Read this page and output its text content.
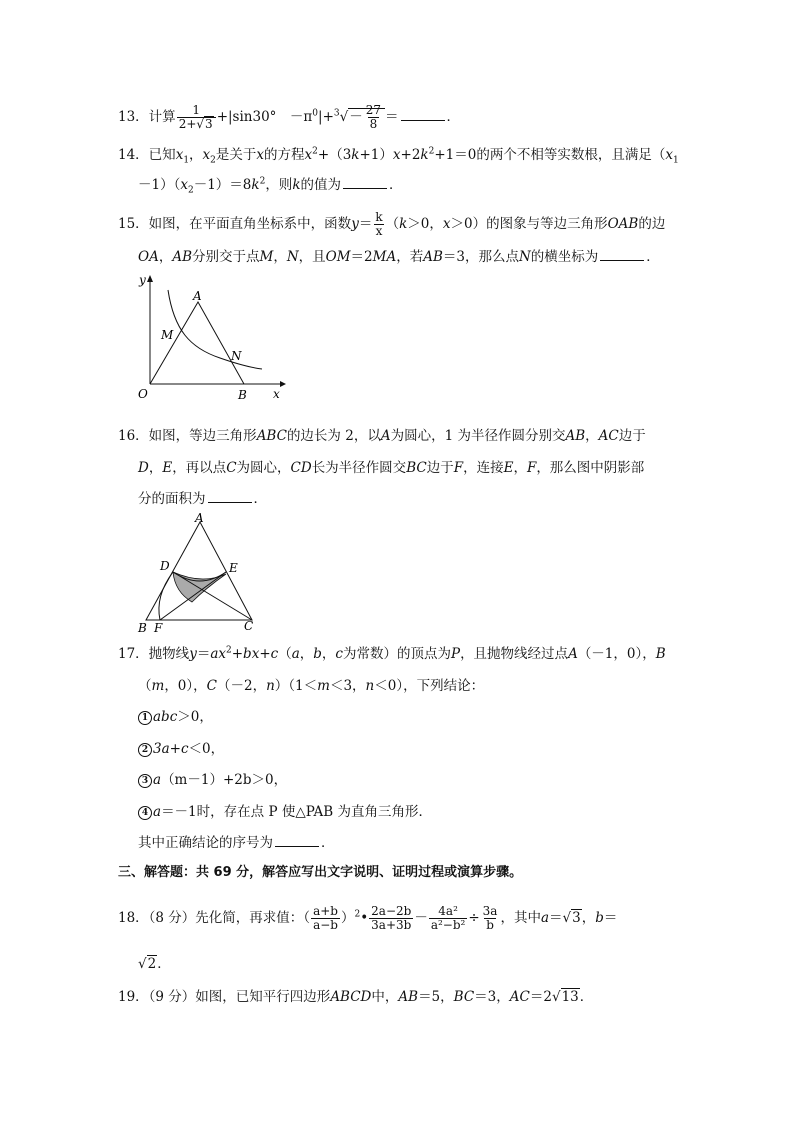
13．计算 $\frac{1}{2+√3} +|\sin 30^\circ$　$-\pi^0|+^3√- \frac{27}{8}$ ＝	．
14．已知$x_1$，$x_2$是关于x的方程$x^2+(3k+1)x+2k^2+1=0$的两个不相等实数根，且满足（$x_1$
$-1)(x_2-1)=8k^2$，则k的值为	．
15．如图，在平面直角坐标系中，函数$y= \frac{k}{x} (k>0$，x＞0）的图象与等边三角形OAB的边
OA，AB分别交于点M，N，且OM＝2MA，若AB＝3，那么点N的横坐标为	．
y
x
O
A
B
M
N
16．如图，等边三角形ABC的边长为 2，以A为圆心，1 为半径作圆分别交AB，AC边于
D，E，再以点C为圆心，CD长为半径作圆交BC边于F，连接E，F，那么图中阴影部
分的面积为	．
A
D	E
B F	C
17．抛物线$y=ax^2+bx+c(a$，b，c为常数）的顶点为P，且抛物线经过点A（－1，0），B
（m，0），C（－2，n）（1＜m＜3，n＜0），下列结论：
1 abc＞0，
2 3a+c＜0，
3 a（m－1）+2b＞0，
4 a＝－1时，存在点 P 使△PAB 为直角三角形．
其中正确结论的序号为	．
三、解答题：共 69 分，解答应写出文字说明、证明过程或演算步骤。
18．（8 分）先化简，再求值：（ $\frac{a+b}{a-b}$ ）$^2$• $\frac{2a-2b}{3a+3b} - \frac{\text{4a²}}{\text{a²−b²}} \div \frac{3a}{b}$ ，其中a＝√3，b＝
√2．
19．（9 分）如图，已知平行四边形ABCD中，AB＝5，BC＝3，AC＝2√13．
